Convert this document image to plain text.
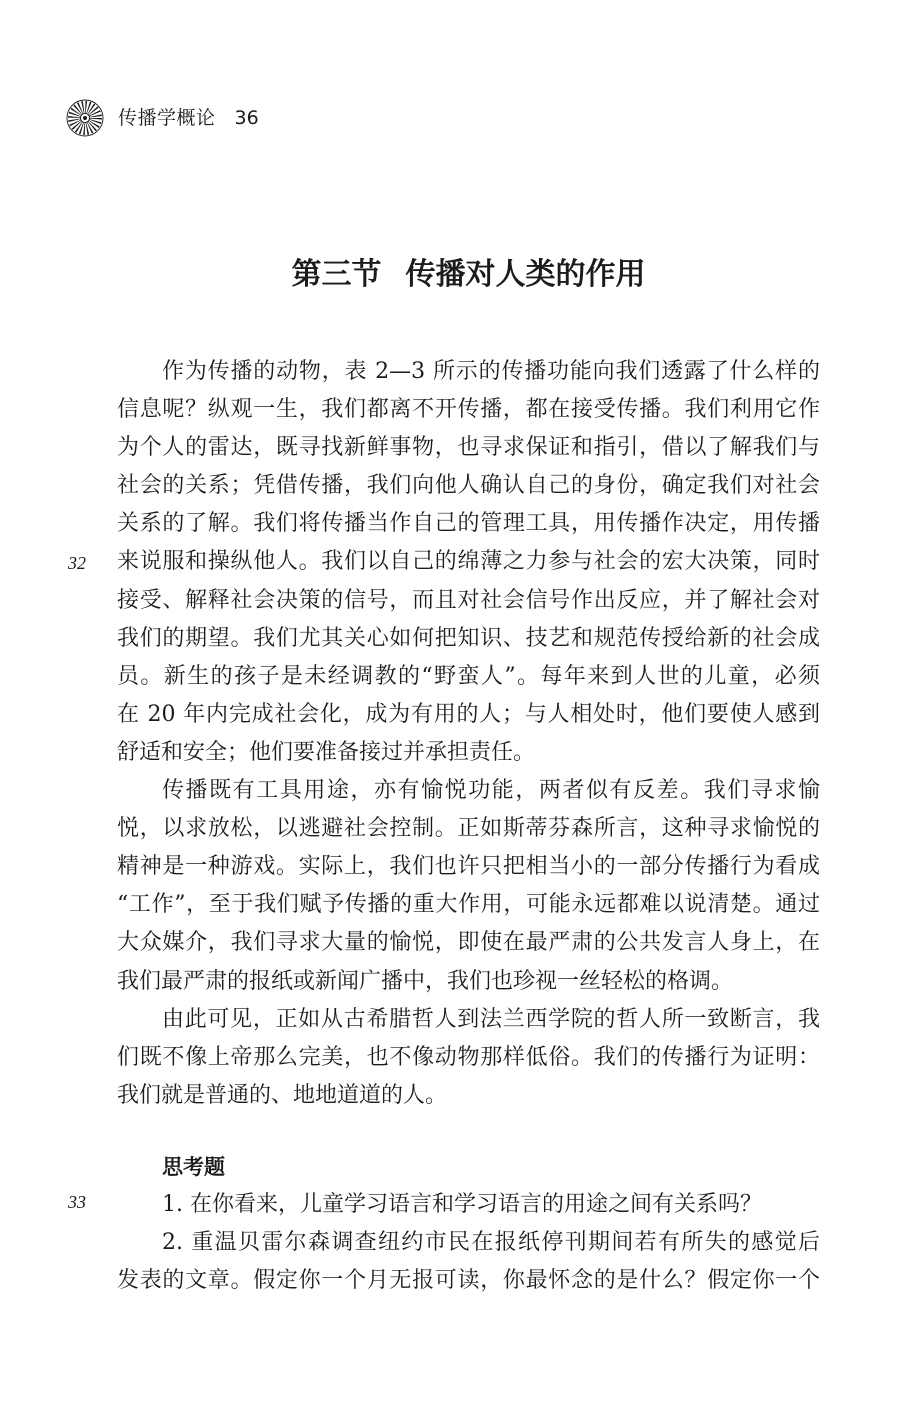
传播学概论 36
第三节 传播对人类的作用
32
33
作为传播的动物，表 2—3 所示的传播功能向我们透露了什么样的
信息呢？纵观一生，我们都离不开传播，都在接受传播。我们利用它作
为个人的雷达，既寻找新鲜事物，也寻求保证和指引，借以了解我们与
社会的关系；凭借传播，我们向他人确认自己的身份，确定我们对社会
关系的了解。我们将传播当作自己的管理工具，用传播作决定，用传播
来说服和操纵他人。我们以自己的绵薄之力参与社会的宏大决策，同时
接受、解释社会决策的信号，而且对社会信号作出反应，并了解社会对
我们的期望。我们尤其关心如何把知识、技艺和规范传授给新的社会成
员。新生的孩子是未经调教的“野蛮人”。每年来到人世的儿童，必须
在 20 年内完成社会化，成为有用的人；与人相处时，他们要使人感到
舒适和安全；他们要准备接过并承担责任。
传播既有工具用途，亦有愉悦功能，两者似有反差。我们寻求愉
悦，以求放松，以逃避社会控制。正如斯蒂芬森所言，这种寻求愉悦的
精神是一种游戏。实际上，我们也许只把相当小的一部分传播行为看成
“工作”，至于我们赋予传播的重大作用，可能永远都难以说清楚。通过
大众媒介，我们寻求大量的愉悦，即使在最严肃的公共发言人身上，在
我们最严肃的报纸或新闻广播中，我们也珍视一丝轻松的格调。
由此可见，正如从古希腊哲人到法兰西学院的哲人所一致断言，我
们既不像上帝那么完美，也不像动物那样低俗。我们的传播行为证明：
我们就是普通的、地地道道的人。
思考题
1. 在你看来，儿童学习语言和学习语言的用途之间有关系吗？
2. 重温贝雷尔森调查纽约市民在报纸停刊期间若有所失的感觉后
发表的文章。假定你一个月无报可读，你最怀念的是什么？假定你一个
